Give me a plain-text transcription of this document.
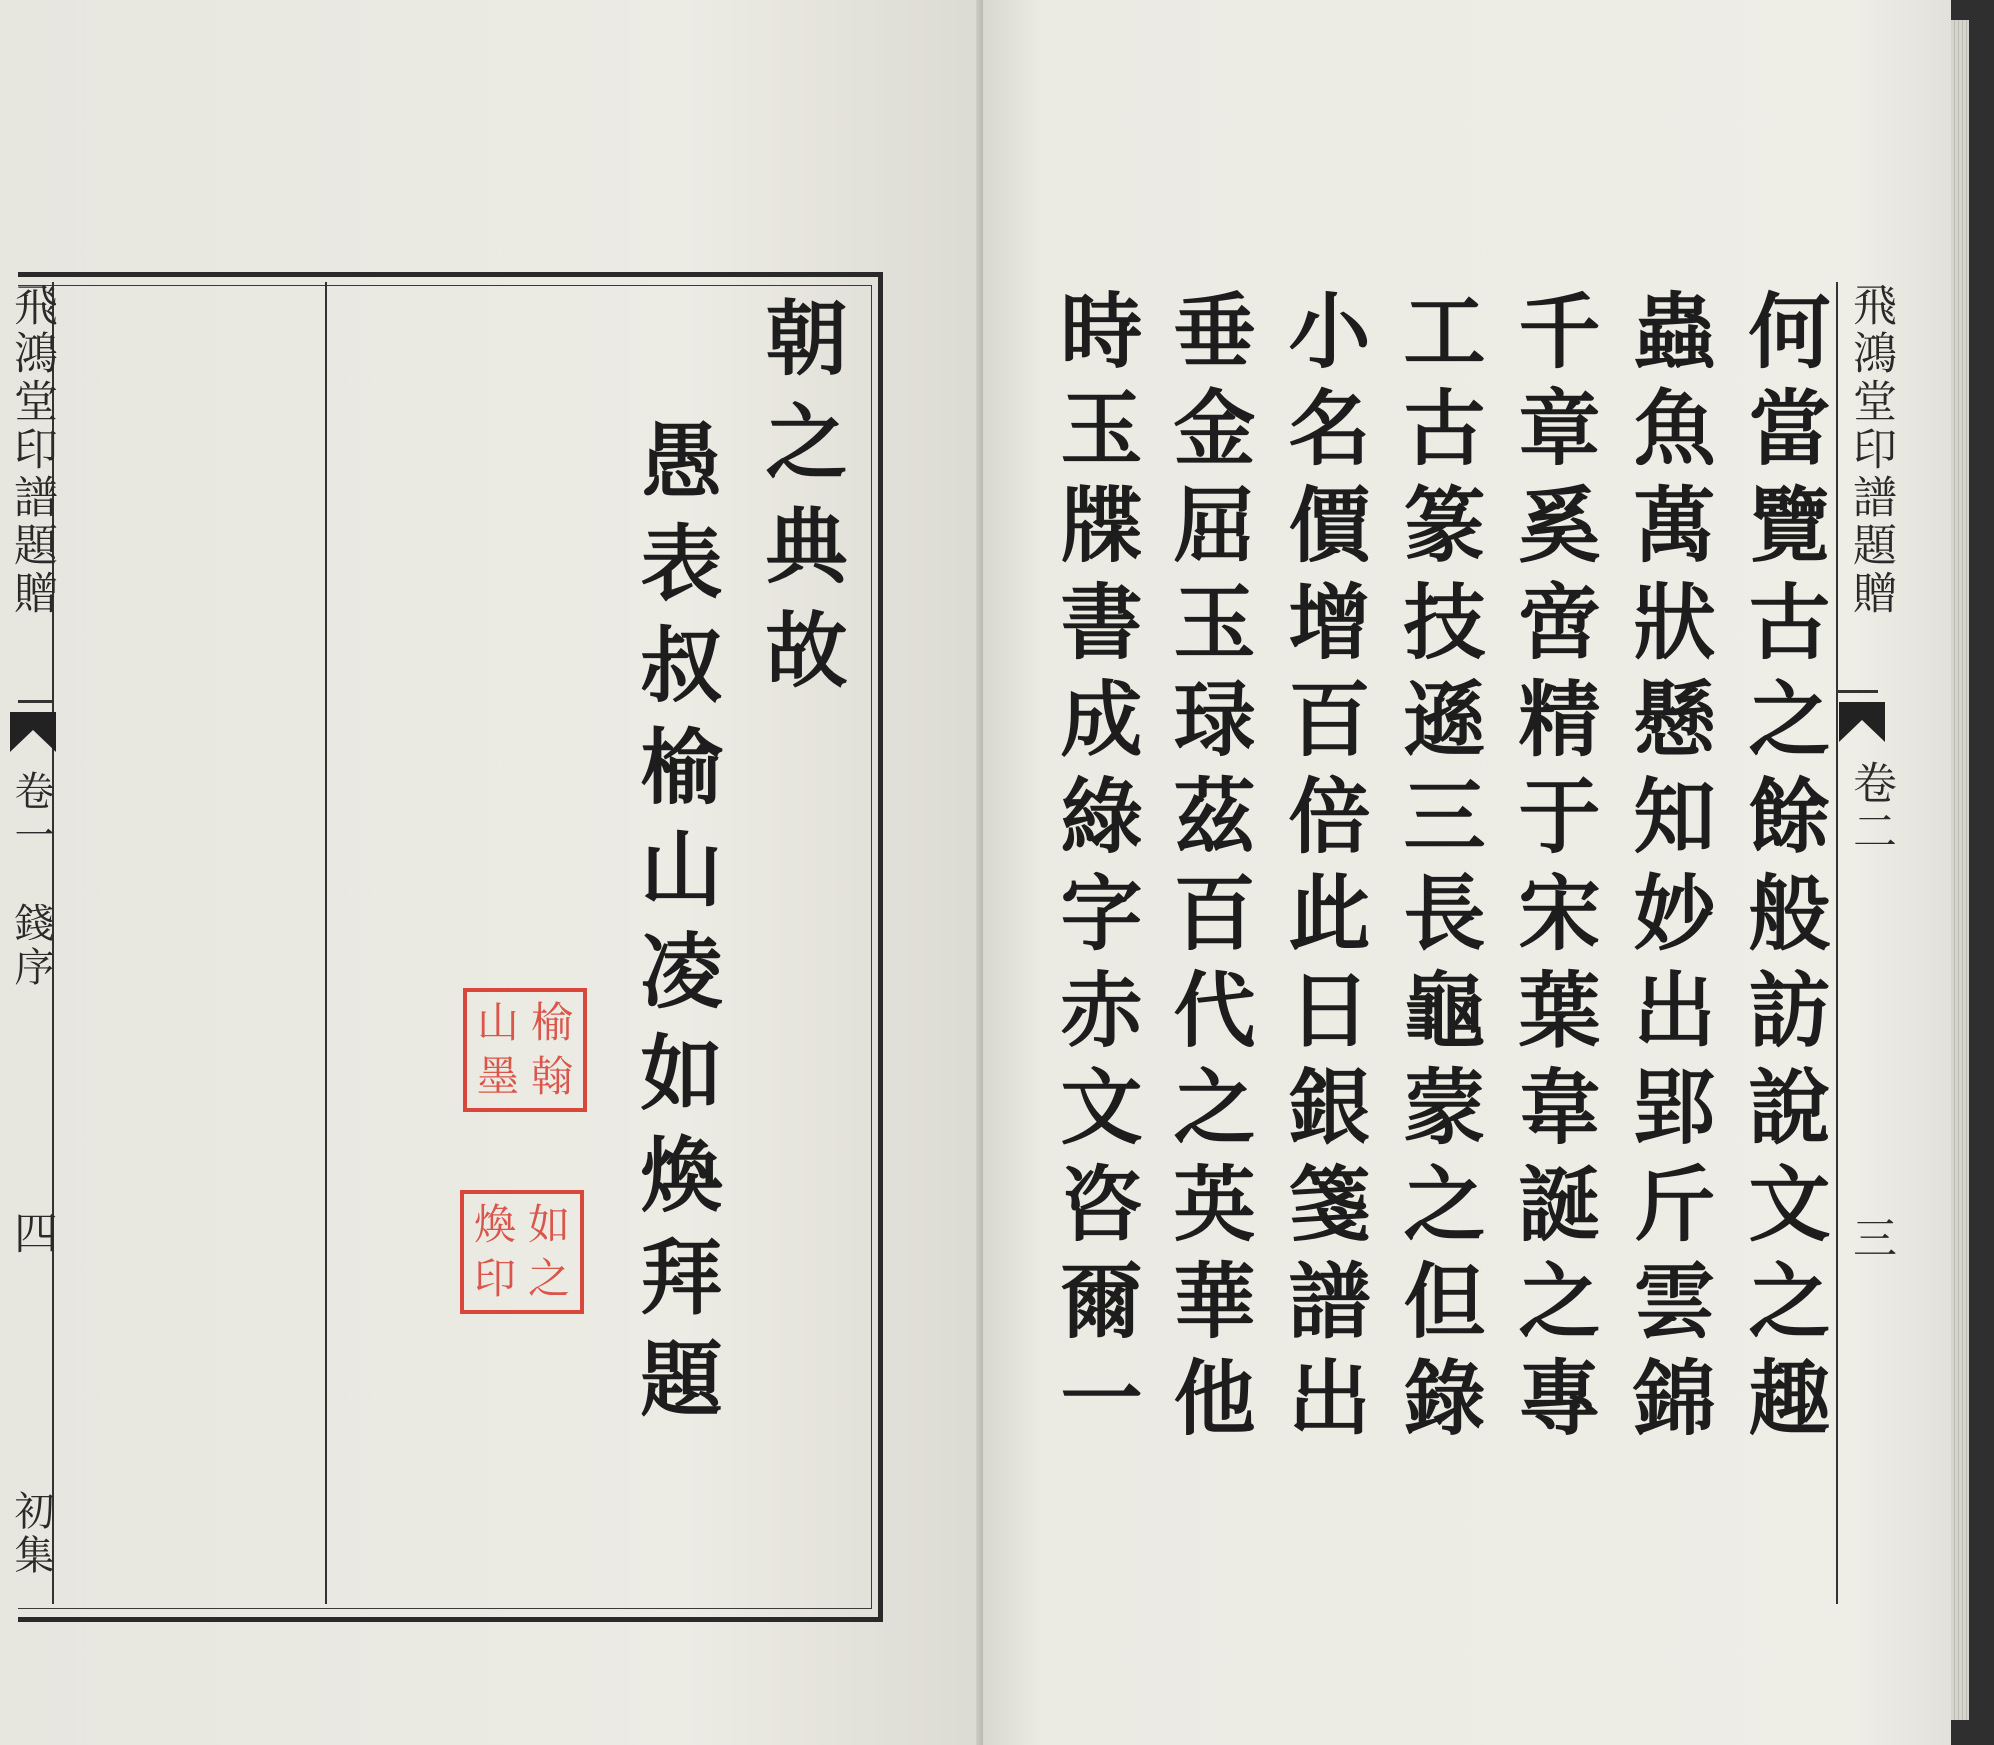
飛鴻堂印譜題贈
卷一　錢序
四
初集
朝之典故
愚表叔榆山凌如煥拜題
山 榆
墨 翰
煥 如
印 之
飛鴻堂印譜題贈
卷二
三
何當覽古之餘般訪說文之趣
蟲魚萬狀懸知妙出郢斤雲錦
千章奚啻精于宋葉韋誕之專
工古篆技遜三長龜蒙之但錄
小名價增百倍此日銀箋譜出
垂金屈玉琭茲百代之英華他
時玉牒書成綠字赤文咨爾一
